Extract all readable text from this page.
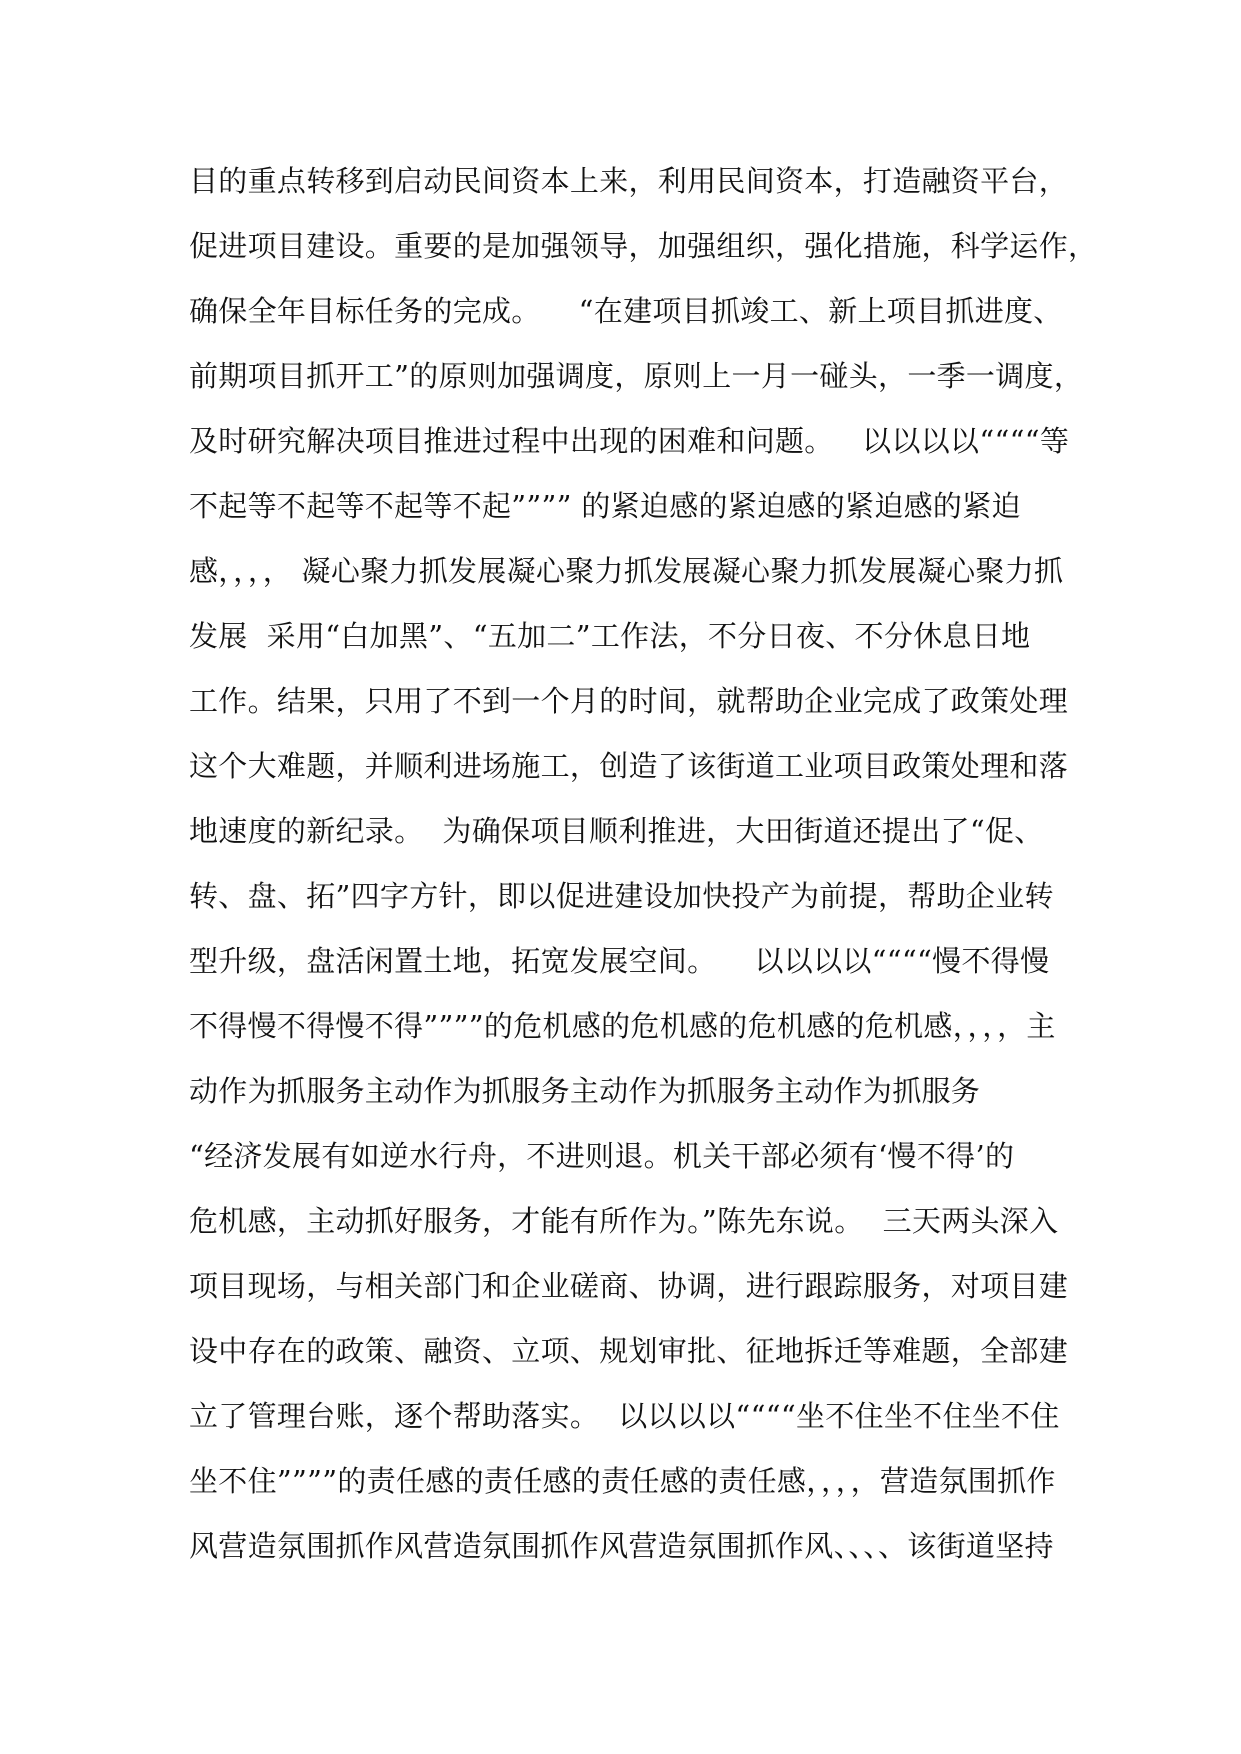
目的重点转移到启动民间资本上来，利用民间资本，打造融资平台，
促进项目建设。重要的是加强领导，加强组织，强化措施，科学运作，
确保全年目标任务的完成。    “在建项目抓竣工、新上项目抓进度、
前期项目抓开工”的原则加强调度，原则上一月一碰头，一季一调度，
及时研究解决项目推进过程中出现的困难和问题。   以以以以““““等
不起等不起等不起等不起”””” 的紧迫感的紧迫感的紧迫感的紧迫
感，，，， 凝心聚力抓发展凝心聚力抓发展凝心聚力抓发展凝心聚力抓
发展  采用“白加黑”、“五加二”工作法，不分日夜、不分休息日地
工作。结果，只用了不到一个月的时间，就帮助企业完成了政策处理
这个大难题，并顺利进场施工，创造了该街道工业项目政策处理和落
地速度的新纪录。  为确保项目顺利推进，大田街道还提出了“促、
转、盘、拓”四字方针，即以促进建设加快投产为前提，帮助企业转
型升级，盘活闲置土地，拓宽发展空间。    以以以以““““慢不得慢
不得慢不得慢不得””””的危机感的危机感的危机感的危机感，，，，主
动作为抓服务主动作为抓服务主动作为抓服务主动作为抓服务
“经济发展有如逆水行舟，不进则退。机关干部必须有‘慢不得’的
危机感，主动抓好服务，才能有所作为。”陈先东说。  三天两头深入
项目现场，与相关部门和企业磋商、协调，进行跟踪服务，对项目建
设中存在的政策、融资、立项、规划审批、征地拆迁等难题，全部建
立了管理台账，逐个帮助落实。  以以以以““““坐不住坐不住坐不住
坐不住””””的责任感的责任感的责任感的责任感，，，，营造氛围抓作
风营造氛围抓作风营造氛围抓作风营造氛围抓作风、、、、该街道坚持
